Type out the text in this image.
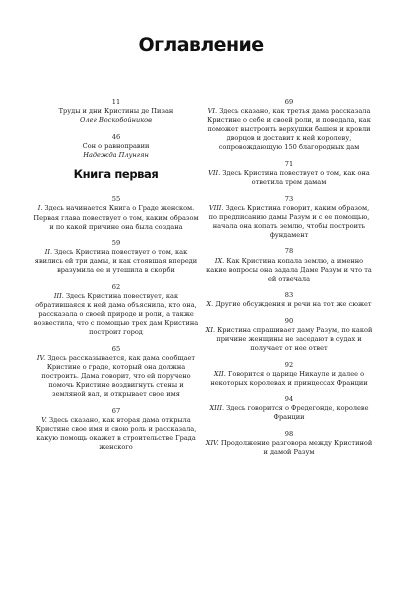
Оглавление
11
Труды и дни Кристины де Пизан
Олег Воскобойников
46
Сон о равноправии
Надежда Плунгян
Книга первая
55
I. Здесь начинается Книга о Граде женском. Первая глава повествует о том, каким образом и по какой причине она была создана
59
II. Здесь Кристина повествует о том, как явились ей три дамы, и как стоявшая впереди вразумила ее и утешила в скорби
62
III. Здесь Кристина повествует, как обратившаяся к ней дама объяснила, кто она, рассказала о своей природе и роли, а также возвестила, что с помощью трех дам Кристина построит город
65
IV. Здесь рассказывается, как дама сообщает Кристине о граде, который она должна построить. Дама говорит, что ей поручено помочь Кристине воздвигнуть стены и земляной вал, и открывает свое имя
67
V. Здесь сказано, как вторая дама открыла Кристине свое имя и свою роль и рассказала, какую помощь окажет в строительстве Града женского
69
VI. Здесь сказано, как третья дама рассказала Кристине о себе и своей роли, и поведала, как поможет выстроить верхушки башен и кровли дворцов и доставит к ней королеву, сопровождающую 150 благородных дам
71
VII. Здесь Кристина повествует о том, как она ответила трем дамам
73
VIII. Здесь Кристина говорит, каким образом, по предписанию дамы Разум и с ее помощью, начала она копать землю, чтобы построить фундамент
78
IX. Как Кристина копала землю, а именно какие вопросы она задала Даме Разум и что та ей отвечала
83
X. Другие обсуждения и речи на тот же сюжет
90
XI. Кристина спрашивает даму Разум, по какой причине женщины не заседают в судах и получает от нее ответ
92
XII. Говорится о царице Никауле и далее о некоторых королевах и принцессах Франции
94
XIII. Здесь говорится о Фредегонде, королеве Франции
98
XIV. Продолжение разговора между Кристиной и дамой Разум
